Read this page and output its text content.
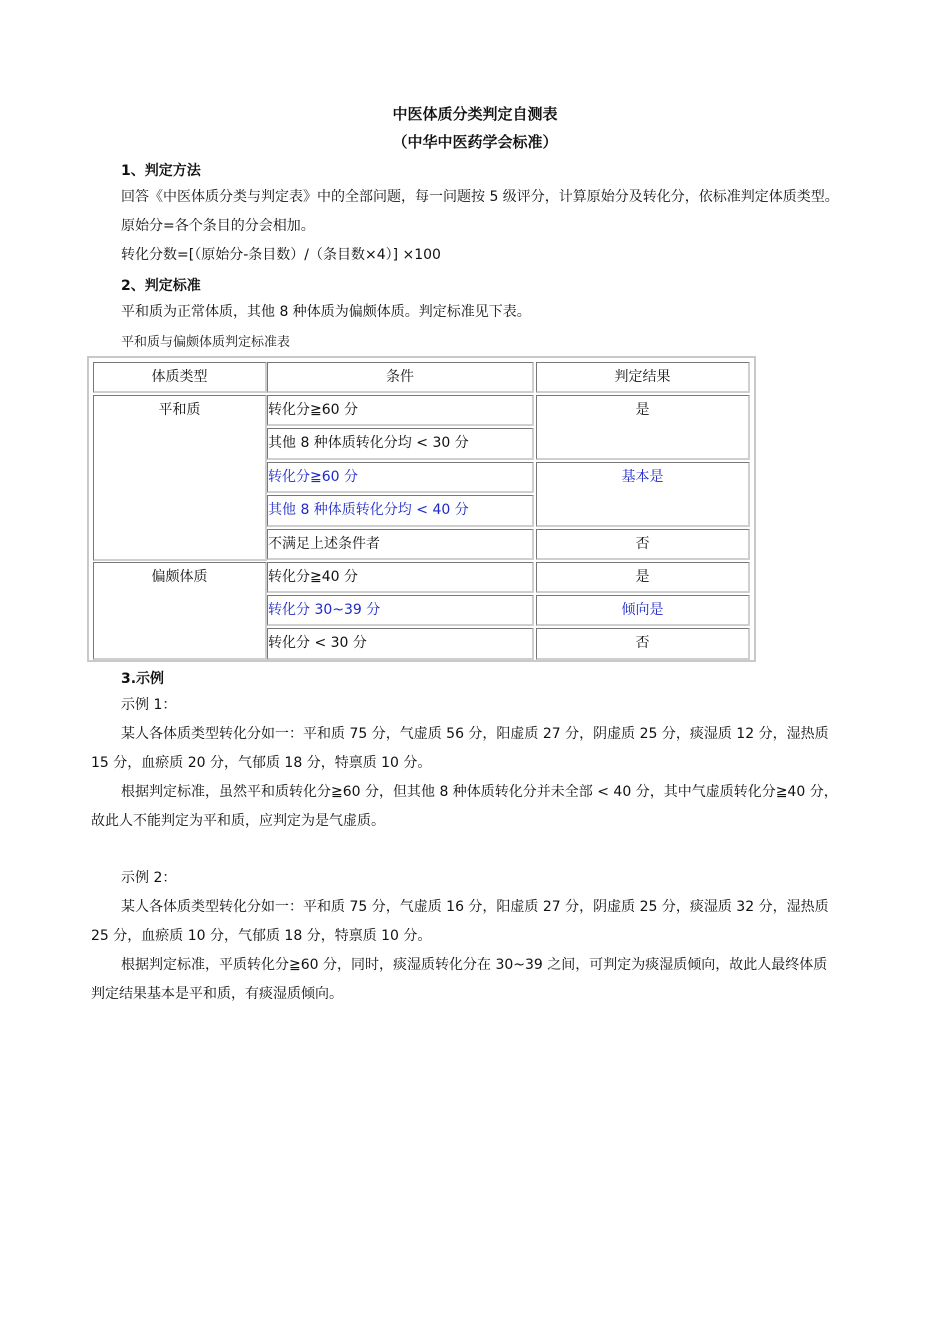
中医体质分类判定自测表
（中华中医药学会标准）
1、判定方法
回答《中医体质分类与判定表》中的全部问题，每一问题按 5 级评分，计算原始分及转化分，依标准判定体质类型。
原始分=各个条目的分会相加。
转化分数=[（原始分-条目数）/（条目数×4）] ×100
2、判定标准
平和质为正常体质，其他 8 种体质为偏颇体质。判定标准见下表。
平和质与偏颇体质判定标准表
体质类型	条件	判定结果
平和质
偏颇体质
转化分≧60 分
其他 8 种体质转化分均 < 30 分
转化分≧60 分
其他 8 种体质转化分均 < 40 分
不满足上述条件者
转化分≧40 分
转化分 30~39 分
转化分 < 30 分
是
基本是
否
是
倾向是
否
3.示例
示例 1：
某人各体质类型转化分如一：平和质 75 分，气虚质 56 分，阳虚质 27 分，阴虚质 25 分，痰湿质 12 分，湿热质
15 分，血瘀质 20 分，气郁质 18 分，特禀质 10 分。
根据判定标准，虽然平和质转化分≧60 分，但其他 8 种体质转化分并未全部 < 40 分，其中气虚质转化分≧40 分，
故此人不能判定为平和质，应判定为是气虚质。
示例 2：
某人各体质类型转化分如一：平和质 75 分，气虚质 16 分，阳虚质 27 分，阴虚质 25 分，痰湿质 32 分，湿热质
25 分，血瘀质 10 分，气郁质 18 分，特禀质 10 分。
根据判定标准，平质转化分≧60 分，同时，痰湿质转化分在 30~39 之间，可判定为痰湿质倾向，故此人最终体质
判定结果基本是平和质，有痰湿质倾向。
